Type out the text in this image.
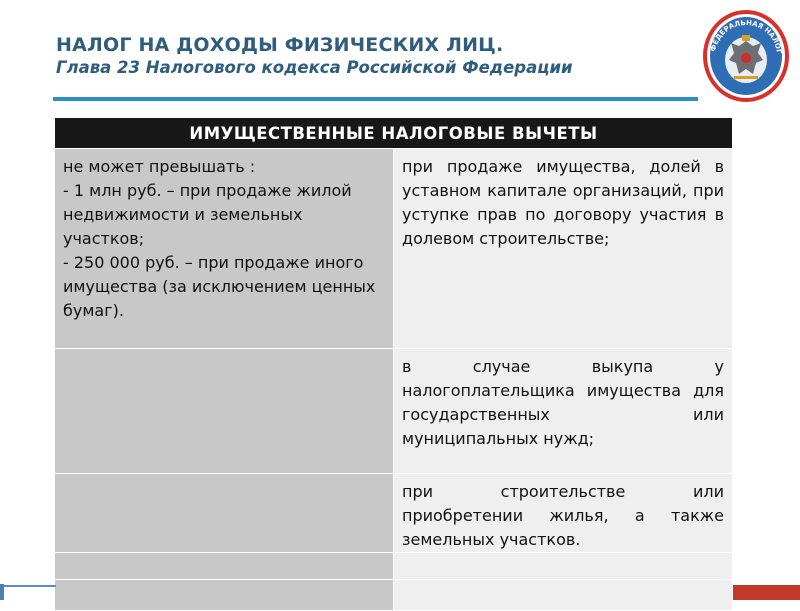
НАЛОГ НА ДОХОДЫ ФИЗИЧЕСКИХ ЛИЦ.
Глава 23 Налогового кодекса Российской Федерации
ФЕДЕРАЛЬНАЯ НАЛОГ
ИМУЩЕСТВЕННЫЕ НАЛОГОВЫЕ ВЫЧЕТЫ	

не может превышать :
- 1 млн руб. – при продаже жилой недвижимости и земельных участков;
- 250 000 руб. – при продаже иного имущества (за исключением ценных бумаг).	при продаже имущества, долей в уставном капитале организаций, при уступке прав по договору участия в долевом строительстве;
	в случае выкупа у налогоплательщика имущества для государственных или муниципальных нужд;
	при строительстве или приобретении жилья, а также земельных участков.
